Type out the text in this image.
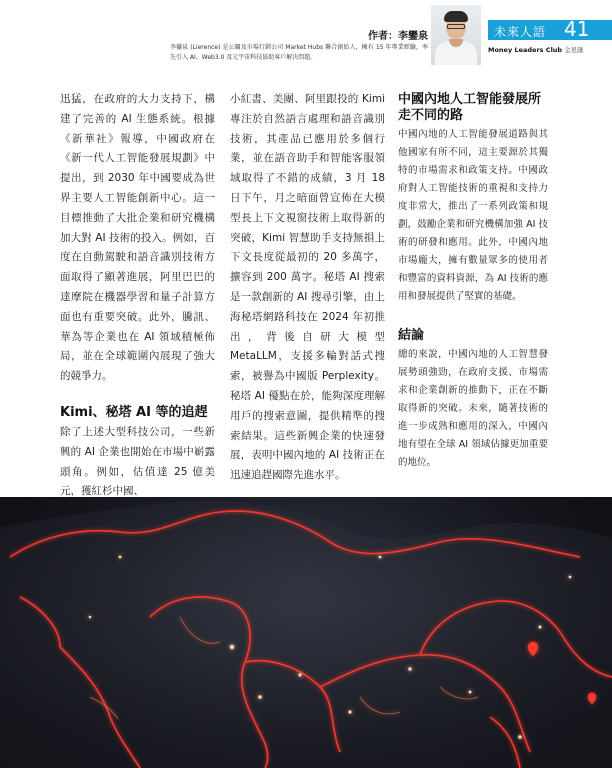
作者：李鑾泉
李鑾泉 (Lierence) 是公關及市場行銷公司 Market Hubs 聯合創始人，擁有 15 年專業經驗，率先引入 AI、Web3.0 及元宇宙科技協助客戶解決問題。
未來人語 41
Money Leaders Club 金星匯

迅猛，在政府的大力支持下，構建了完善的 AI 生態系統。根據《新華社》報導，中國政府在《新一代人工智能發展規劃》中提出，到 2030 年中國要成為世界主要人工智能創新中心。這一目標推動了大批企業和研究機構加大對 AI 技術的投入。例如，百度在自動駕駛和語音識別技術方面取得了顯著進展，阿里巴巴的達摩院在機器學習和量子計算方面也有重要突破。此外，騰訊、華為等企業也在 AI 領域積極佈局，並在全球範圍內展現了強大的競爭力。

Kimi、秘塔 AI 等的追趕

除了上述大型科技公司，一些新興的 AI 企業也開始在市場中嶄露頭角。例如，估值達 25 億美元，獲紅杉中國、

小紅書、美團、阿里跟投的 Kimi 專注於自然語言處理和語音識別技術，其產品已應用於多個行業，並在語音助手和智能客服領域取得了不錯的成績，3 月 18 日下午，月之暗面曾宣佈在大模型長上下文視窗技術上取得新的突破，Kimi 智慧助手支持無損上下文長度從最初的 20 多萬字，擴容到 200 萬字。秘塔 AI 搜索是一款創新的 AI 搜尋引擎，由上海秘塔網路科技在 2024 年初推出，背後自研大模型 MetaLLM，支援多輪對話式搜索，被譽為中國版 Perplexity。秘塔 AI 優點在於，能夠深度理解用戶的搜索意圖，提供精準的搜索結果。這些新興企業的快速發展，表明中國內地的 AI 技術正在迅速追趕國際先進水平。

中國內地人工智能發展所走不同的路

中國內地的人工智能發展道路與其他國家有所不同，這主要源於其獨特的市場需求和政策支持。中國政府對人工智能技術的重視和支持力度非常大，推出了一系列政策和規劃，鼓勵企業和研究機構加強 AI 技術的研發和應用。此外，中國內地市場龐大，擁有數量眾多的使用者和豐富的資料資源，為 AI 技術的應用和發展提供了堅實的基礎。

結論

總的來說，中國內地的人工智慧發展勢頭強勁，在政府支援、市場需求和企業創新的推動下，正在不斷取得新的突破。未來，隨著技術的進一步成熟和應用的深入，中國內地有望在全球 AI 領域佔據更加重要的地位。
